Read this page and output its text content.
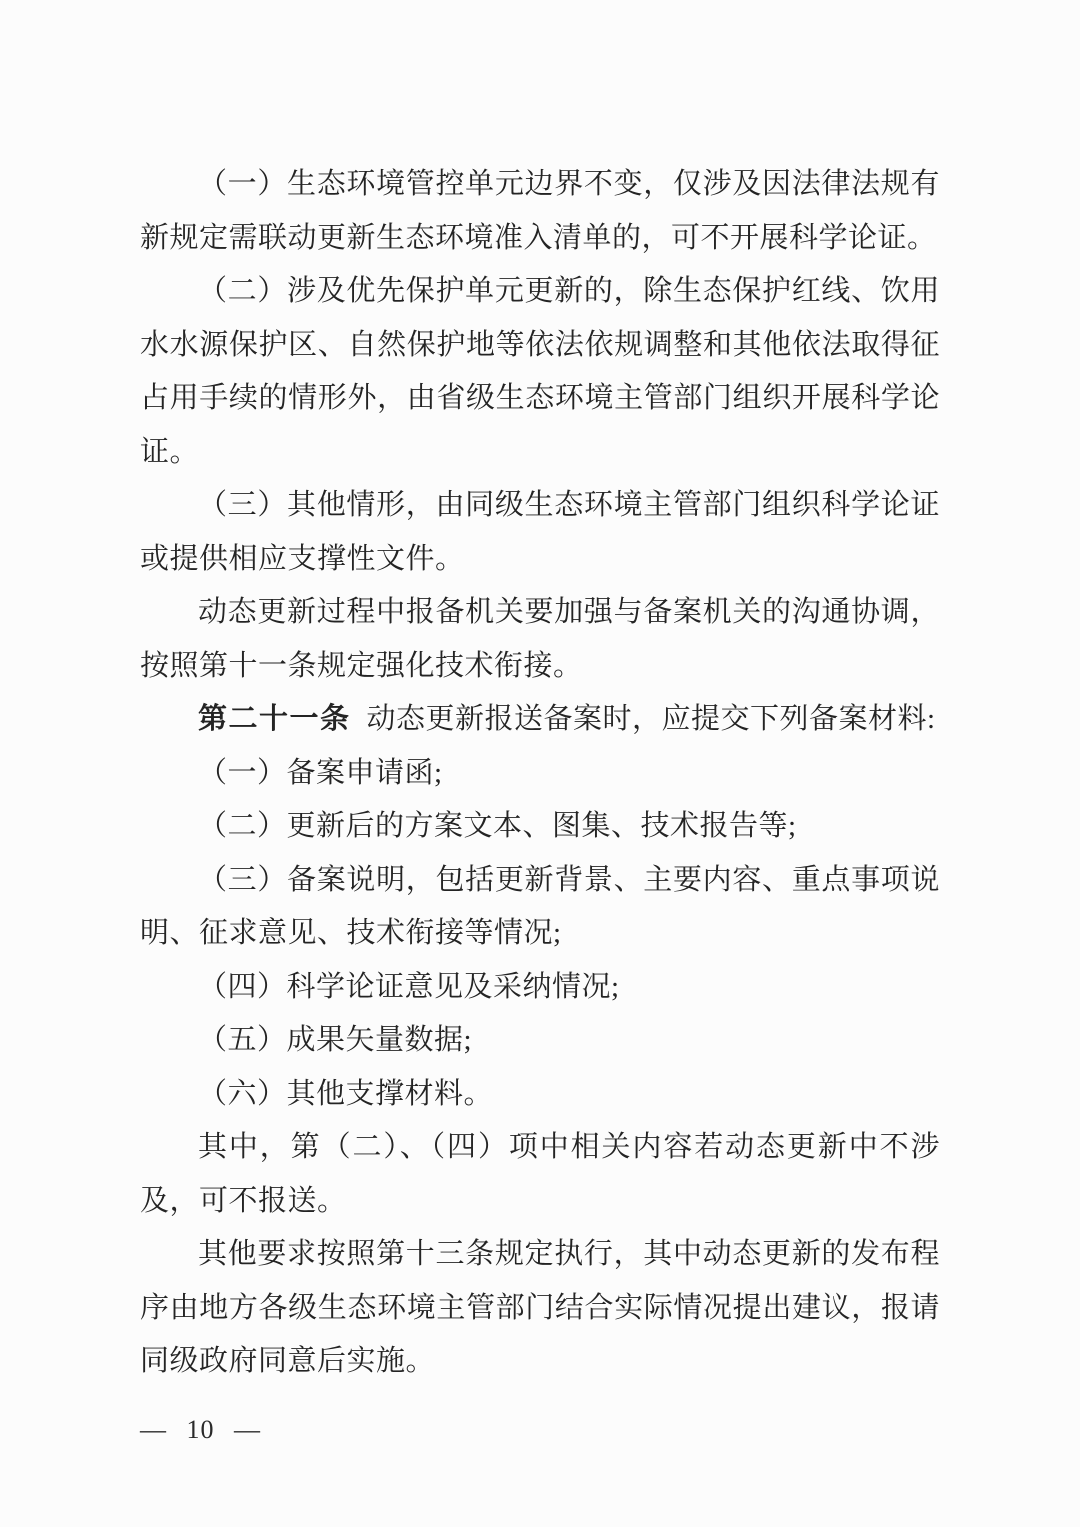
（一）生态环境管控单元边界不变，仅涉及因法律法规有新规定需联动更新生态环境准入清单的，可不开展科学论证。

（二）涉及优先保护单元更新的，除生态保护红线、饮用水水源保护区、自然保护地等依法依规调整和其他依法取得征占用手续的情形外，由省级生态环境主管部门组织开展科学论证。

（三）其他情形，由同级生态环境主管部门组织科学论证或提供相应支撑性文件。

动态更新过程中报备机关要加强与备案机关的沟通协调，按照第十一条规定强化技术衔接。

第二十一条 动态更新报送备案时，应提交下列备案材料:

（一）备案申请函;

（二）更新后的方案文本、图集、技术报告等;

（三）备案说明，包括更新背景、主要内容、重点事项说明、征求意见、技术衔接等情况;

（四）科学论证意见及采纳情况;

（五）成果矢量数据;

（六）其他支撑材料。

其中，第（二）、（四）项中相关内容若动态更新中不涉及，可不报送。

其他要求按照第十三条规定执行，其中动态更新的发布程序由地方各级生态环境主管部门结合实际情况提出建议，报请同级政府同意后实施。

— 10 —
